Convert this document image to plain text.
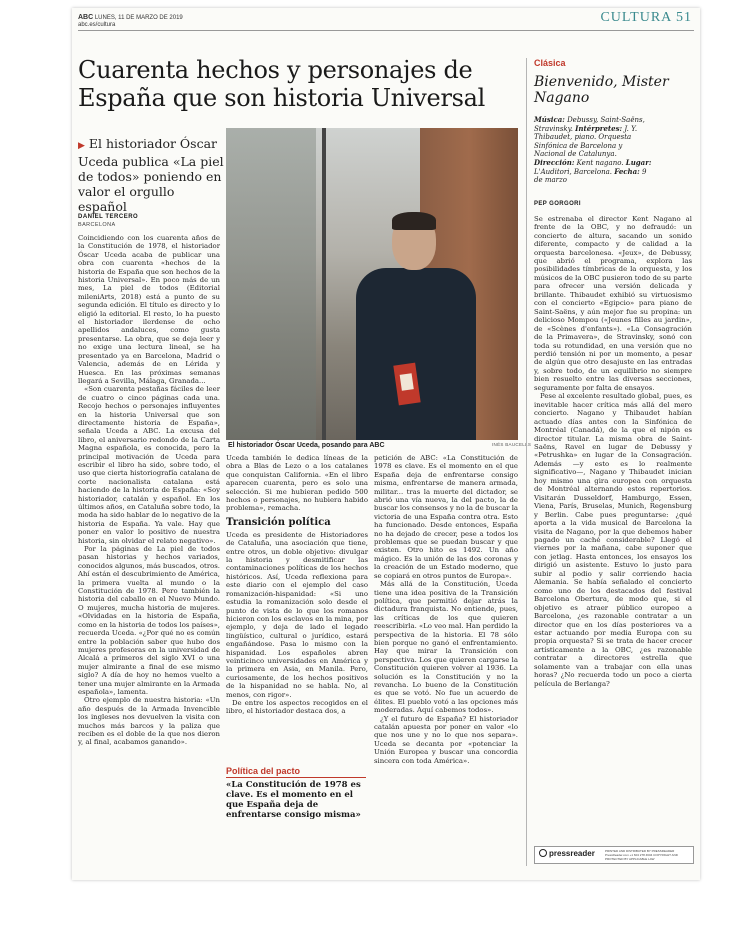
ABC LUNES, 11 DE MARZO DE 2019
abc.es/cultura	CULTURA 51
Cuarenta hechos y personajes de España que son historia Universal
▶ El historiador Óscar Uceda publica «La piel de todos» poniendo en valor el orgullo español
DANIEL TERCERO
BARCELONA
El historiador Óscar Uceda, posando para ABC	INÉS BAUCELLS

Coincidiendo con los cuarenta años de la Constitución de 1978, el historiador Óscar Uceda acaba de publicar una obra con cuarenta «hechos de la historia de España que son hechos de la historia Universal». En poco más de un mes, La piel de todos (Editorial mileniArts, 2018) está a punto de su segunda edición. El título es directo y lo eligió la editorial. El resto, lo ha puesto el historiador ilerdense de ocho apellidos andaluces, como gusta presentarse. La obra, que se deja leer y no exige una lectura lineal, se ha presentado ya en Barcelona, Madrid o Valencia, además de en Lérida y Huesca. En las próximas semanas llegará a Sevilla, Málaga, Granada...

«Son cuarenta pestañas fáciles de leer de cuatro o cinco páginas cada una. Recojo hechos o personajes influyentes en la historia Universal que son directamente historia de España», señala Uceda a ABC. La excusa del libro, el aniversario redondo de la Carta Magna española, es conocida, pero la principal motivación de Uceda para escribir el libro ha sido, sobre todo, el uso que cierta historiografía catalana de corte nacionalista catalana está haciendo de la historia de España: «Soy historiador, catalán y español. En los últimos años, en Cataluña sobre todo, la moda ha sido hablar de lo negativo de la historia de España. Ya vale. Hay que poner en valor lo positivo de nuestra historia, sin olvidar el relato negativo».

Por la páginas de La piel de todos pasan historias y hechos variados, conocidos algunos, más buscados, otros. Ahí están el descubrimiento de América, la primera vuelta al mundo o la Constitución de 1978. Pero también la historia del caballo en el Nuevo Mundo. O mujeres, mucha historia de mujeres. «Olvidadas en la historia de España, como en la historia de todos los países», recuerda Uceda. «¿Por qué no es común entre la población saber que hubo dos mujeres profesoras en la universidad de Alcalá a primeros del siglo XVI o una mujer almirante a final de ese mismo siglo? A día de hoy no hemos vuelto a tener una mujer almirante en la Armada española», lamenta.

Otro ejemplo de nuestra historia: «Un año después de la Armada Invencible los ingleses nos devuelven la visita con muchos más barcos y la paliza que reciben es el doble de la que nos dieron y, al final, acabamos ganando».

Uceda también le dedica líneas de la obra a Blas de Lezo o a los catalanes que conquistan California. «En el libro aparecen cuarenta, pero es solo una selección. Si me hubieran pedido 500 hechos o personajes, no hubiera habido problema», remacha.

Transición política

Uceda es presidente de Historiadores de Cataluña, una asociación que tiene, entre otros, un doble objetivo: divulgar la historia y desmitificar las contaminaciones políticas de los hechos históricos. Así, Uceda reflexiona para este diario con el ejemplo del caso romanización-hispanidad: «Si uno estudia la romanización solo desde el punto de vista de lo que los romanos hicieron con los esclavos en la mina, por ejemplo, y deja de lado el legado lingüístico, cultural o jurídico, estará engañándose. Pasa lo mismo con la hispanidad. Los españoles abren veinticinco universidades en América y la primera en Asia, en Manila. Pero, curiosamente, de los hechos positivos de la hispanidad no se habla. No, al menos, con rigor».

De entre los aspectos recogidos en el libro, el historiador destaca dos, a

Política del pacto
«La Constitución de 1978 es clave. Es el momento en el que España deja de enfrentarse consigo misma»

petición de ABC: «La Constitución de 1978 es clave. Es el momento en el que España deja de enfrentarse consigo misma, enfrentarse de manera armada, militar... tras la muerte del dictador, se abrió una vía nueva, la del pacto, la de buscar los consensos y no la de buscar la victoria de una España contra otra. Esto ha funcionado. Desde entonces, España no ha dejado de crecer, pese a todos los problemas que se puedan buscar y que existen. Otro hito es 1492. Un año mágico. Es la unión de las dos coronas y la creación de un Estado moderno, que se copiará en otros puntos de Europa».

Más allá de la Constitución, Uceda tiene una idea positiva de la Transición política, que permitió dejar atrás la dictadura franquista. No entiende, pues, las críticas de los que quieren reescribirla. «Lo veo mal. Han perdido la perspectiva de la historia. El 78 sólo bien porque no ganó el enfrentamiento. Hay que mirar la Transición con perspectiva. Los que quieren cargarse la Constitución quieren volver al 1936. La solución es la Constitución y no la revancha. Lo bueno de la Constitución es que se votó. No fue un acuerdo de élites. El pueblo votó a las opciones más moderadas. Aquí cabemos todos».

¿Y el futuro de España? El historiador catalán apuesta por poner en valor «lo que nos une y no lo que nos separa». Uceda se decanta por «potenciar la Unión Europea y buscar una concordia sincera con toda América».

Clásica
Bienvenido, Mister Nagano
Música: Debussy, Saint-Saëns, Stravinsky. Intérpretes: J. Y. Thibaudet, piano. Orquesta Sinfónica de Barcelona y Nacional de Catalunya. Dirección: Kent nagano. Lugar: L'Auditori, Barcelona. Fecha: 9 de marzo
PEP GORGORI

Se estrenaba el director Kent Nagano al frente de la OBC, y no defraudó: un concierto de altura, sacando un sonido diferente, compacto y de calidad a la orquesta barcelonesa. «Jeux», de Debussy, que abrió el programa, explora las posibilidades tímbricas de la orquesta, y los músicos de la OBC pusieron todo de su parte para ofrecer una versión delicada y brillante. Thibaudet exhibió su virtuosismo con el concierto «Egipcio» para piano de Saint-Saëns, y aún mejor fue su propina: un delicioso Mompou («Jeunes filles au jardin», de «Scènes d'enfants»). «La Consagración de la Primavera», de Stravinsky, sonó con toda su rotundidad, en una versión que no perdió tensión ni por un momento, a pesar de algún que otro desajuste en las entradas y, sobre todo, de un equilibrio no siempre bien resuelto entre las diversas secciones, seguramente por falta de ensayos.

Pese al excelente resultado global, pues, es inevitable hacer crítica más allá del mero concierto. Nagano y Thibaudet habían actuado días antes con la Sinfónica de Montréal (Canadá), de la que el nipón es director titular. La misma obra de Saint-Saëns, Ravel en lugar de Debussy y «Petrushka» en lugar de la Consagración. Además —y esto es lo realmente significativo—, Nagano y Thibaudet inician hoy mismo una gira europea con orquesta de Montréal alternando estos repertorios. Visitarán Dusseldorf, Hamburgo, Essen, Viena, París, Bruselas, Munich, Regensburg y Berlin. Cabe pues preguntarse: ¿qué aporta a la vida musical de Barcelona la visita de Nagano, por la que debemos haber pagado un caché considerable? Llegó el viernes por la mañana, cabe suponer que con jetlag. Hasta entonces, los ensayos los dirigió un asistente. Estuvo lo justo para subir al podio y salir corriendo hacia Alemania. Se había señalado el concierto como uno de los destacados del festival Barcelona Obertura, de modo que, si el objetivo es atraer público europeo a Barcelona, ¿es razonable contratar a un director que en los días posteriores va a estar actuando por media Europa con su propia orquesta? Si se trata de hacer crecer artísticamente a la OBC, ¿es razonable contratar a directores estrella que solamente van a trabajar con ella unas horas? ¿No recuerda todo un poco a cierta película de Berlanga?

pressreader	PRINTED AND DISTRIBUTED BY PRESSREADER PressReader.com +1 604 278 4604 COPYRIGHT AND PROTECTED BY APPLICABLE LAW
